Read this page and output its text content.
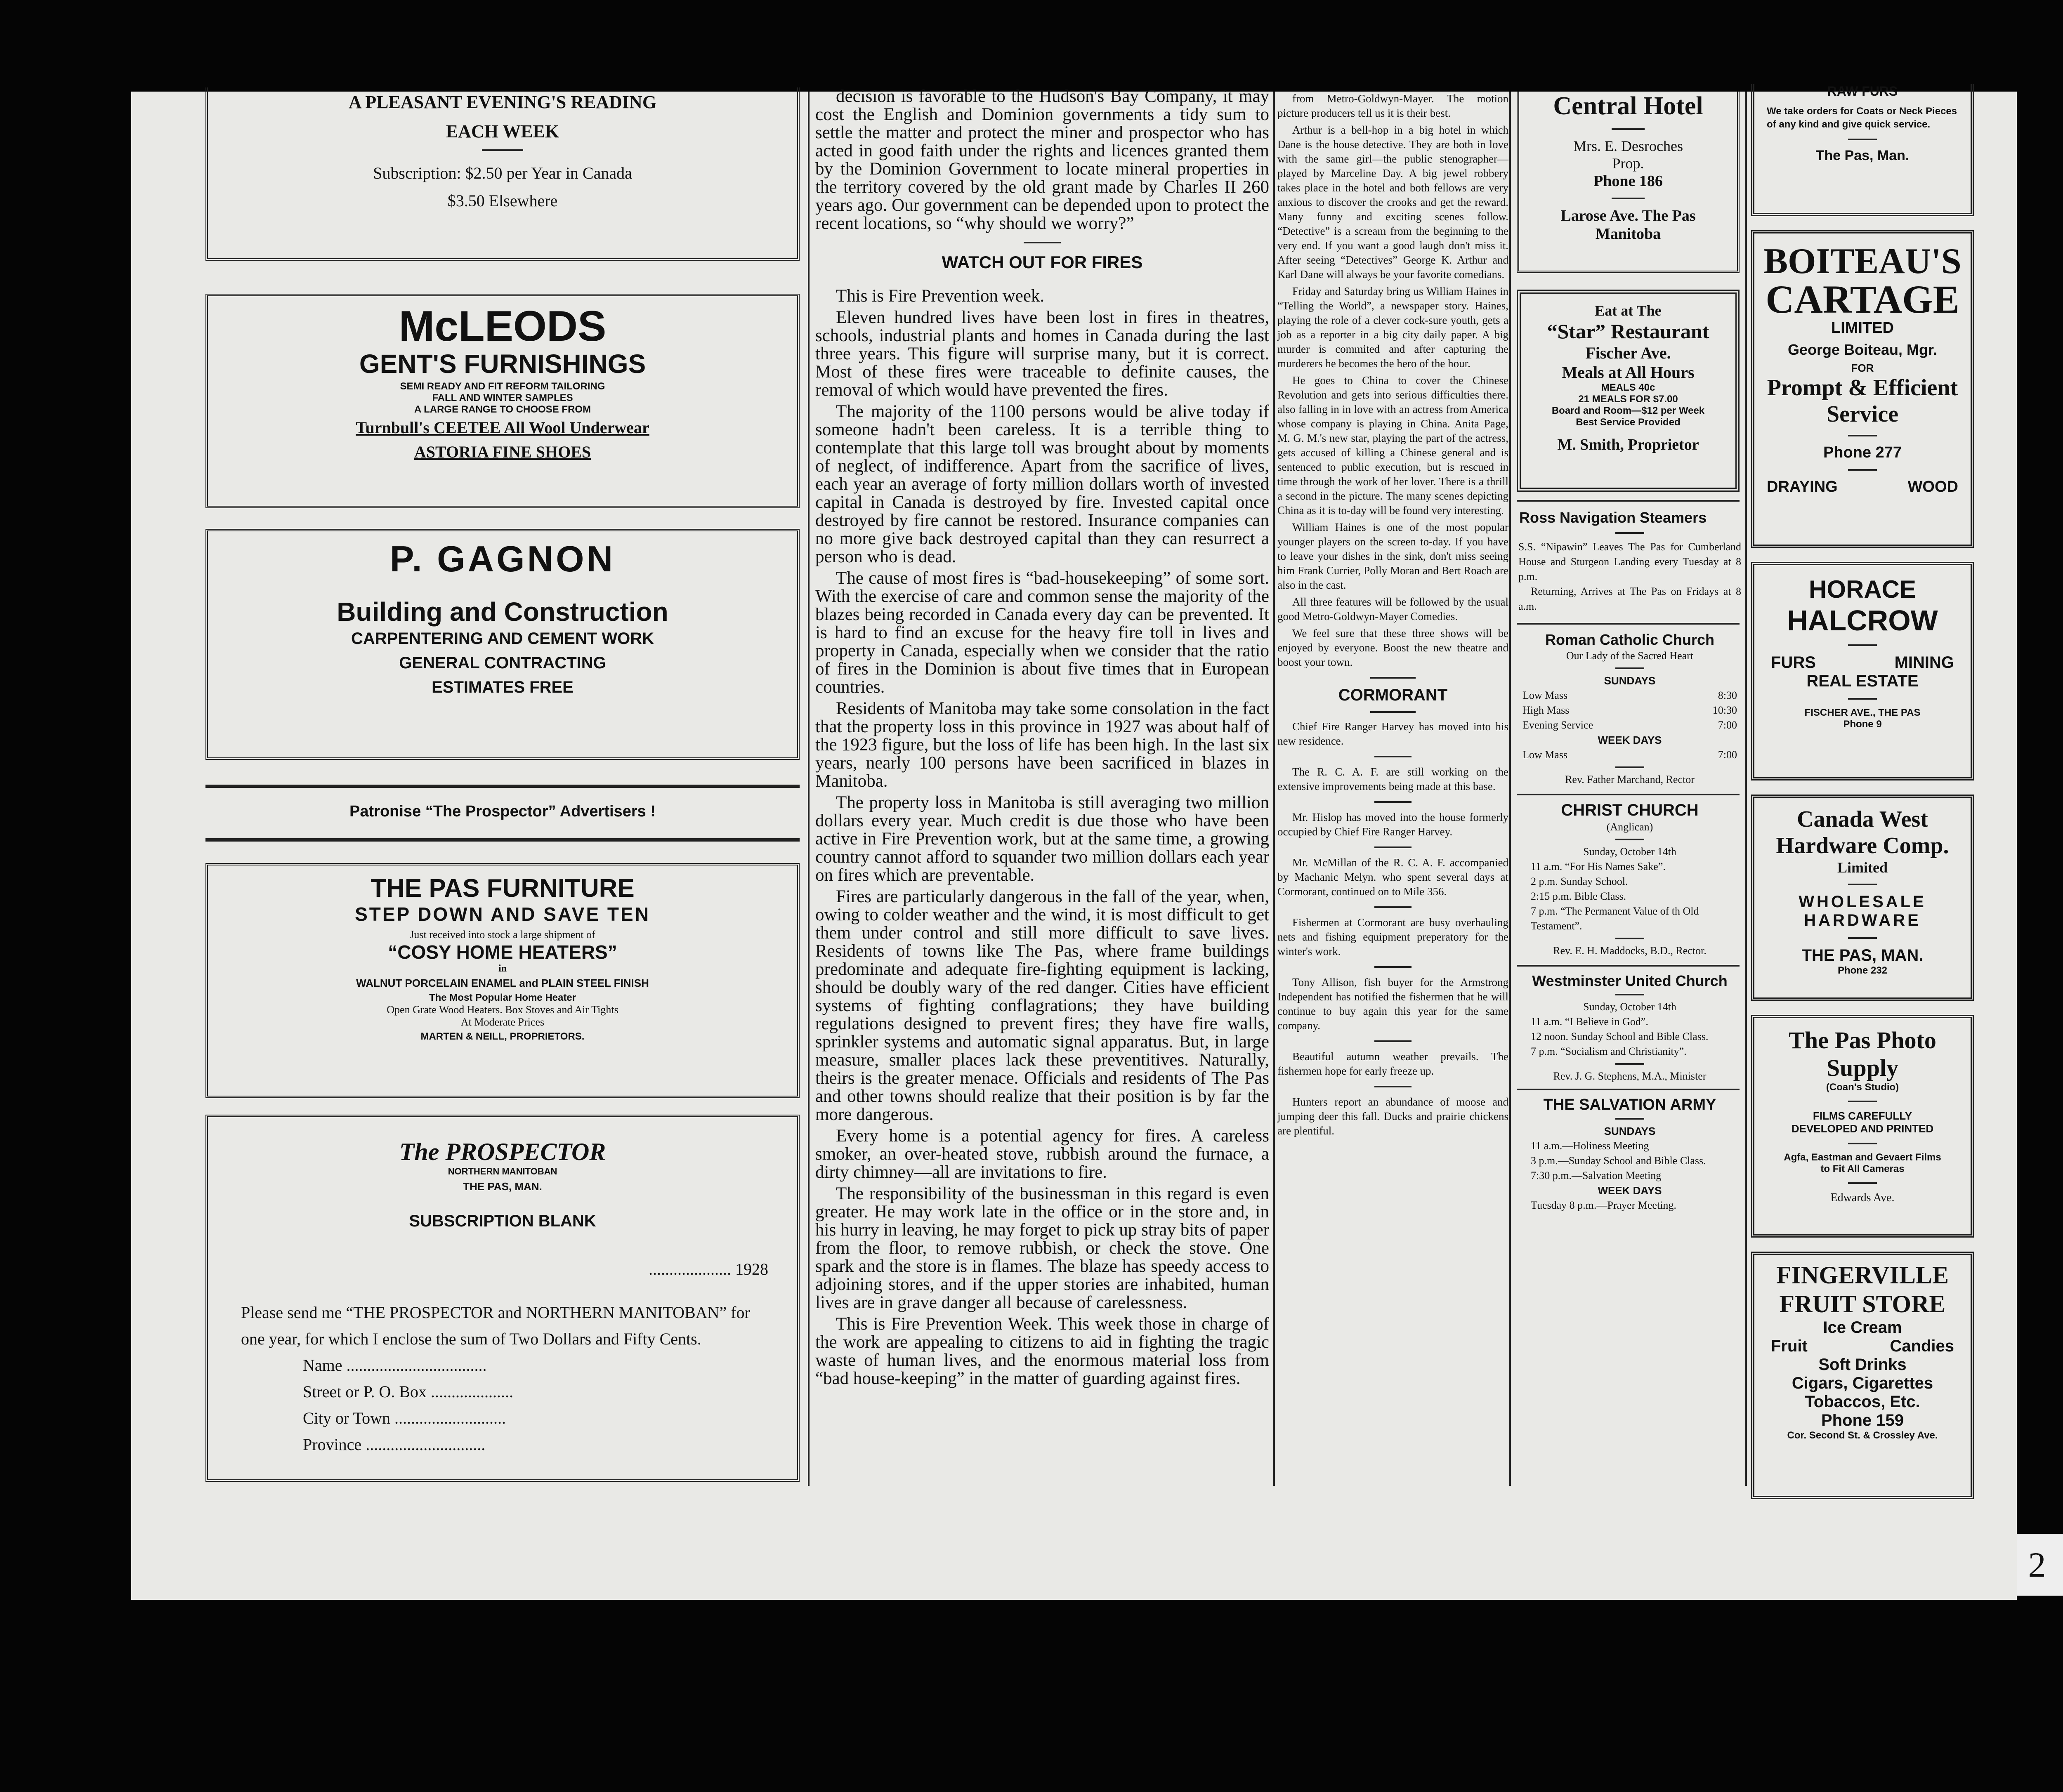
A PLEASANT EVENING'S READING
EACH WEEK
Subscription: $2.50 per Year in Canada
$3.50 Elsewhere
McLEODS
GENT'S FURNISHINGS
SEMI READY AND FIT REFORM TAILORING
FALL AND WINTER SAMPLES
A LARGE RANGE TO CHOOSE FROM
Turnbull's CEETEE All Wool Underwear
ASTORIA FINE SHOES
P. GAGNON
Building and Construction
CARPENTERING AND CEMENT WORK
GENERAL CONTRACTING
ESTIMATES FREE
Patronise “The Prospector” Advertisers !
THE PAS FURNITURE
STEP DOWN AND SAVE TEN
Just received into stock a large shipment of
“COSY HOME HEATERS”
in
WALNUT PORCELAIN ENAMEL and PLAIN STEEL FINISH
The Most Popular Home Heater
Open Grate Wood Heaters. Box Stoves and Air Tights
At Moderate Prices
MARTEN & NEILL, PROPRIETORS.
The PROSPECTOR
NORTHERN MANITOBAN
THE PAS, MAN.
SUBSCRIPTION BLANK
.................... 1928
Please send me “THE PROSPECTOR and NORTHERN MANITOBAN” for one year, for which I enclose the sum of Two Dollars and Fifty Cents.
Name ..................................
Street or P. O. Box ....................
City or Town ...........................
Province .............................

decision is favorable to the Hudson's Bay Company, it may cost the English and Dominion governments a tidy sum to settle the matter and protect the miner and prospector who has acted in good faith under the rights and licences granted them by the Dominion Government to locate mineral properties in the territory covered by the old grant made by Charles II 260 years ago. Our government can be depended upon to protect the recent locations, so “why should we worry?”

WATCH OUT FOR FIRES

This is Fire Prevention week.

Eleven hundred lives have been lost in fires in theatres, schools, industrial plants and homes in Canada during the last three years. This figure will surprise many, but it is correct. Most of these fires were traceable to definite causes, the removal of which would have prevented the fires.

The majority of the 1100 persons would be alive today if someone hadn't been careless. It is a terrible thing to contemplate that this large toll was brought about by moments of neglect, of indifference. Apart from the sacrifice of lives, each year an average of forty million dollars worth of invested capital in Canada is destroyed by fire. Invested capital once destroyed by fire cannot be restored. Insurance companies can no more give back destroyed capital than they can resurrect a person who is dead.

The cause of most fires is “bad-housekeeping” of some sort. With the exercise of care and common sense the majority of the blazes being recorded in Canada every day can be prevented. It is hard to find an excuse for the heavy fire toll in lives and property in Canada, especially when we consider that the ratio of fires in the Dominion is about five times that in European countries.

Residents of Manitoba may take some consolation in the fact that the property loss in this province in 1927 was about half of the 1923 figure, but the loss of life has been high. In the last six years, nearly 100 persons have been sacrificed in blazes in Manitoba.

The property loss in Manitoba is still averaging two million dollars every year. Much credit is due those who have been active in Fire Prevention work, but at the same time, a growing country cannot afford to squander two million dollars each year on fires which are preventable.

Fires are particularly dangerous in the fall of the year, when, owing to colder weather and the wind, it is most difficult to get them under control and still more difficult to save lives. Residents of towns like The Pas, where frame buildings predominate and adequate fire-fighting equipment is lacking, should be doubly wary of the red danger. Cities have efficient systems of fighting conflagrations; they have building regulations designed to prevent fires; they have fire walls, sprinkler systems and automatic signal apparatus. But, in large measure, smaller places lack these preventitives. Naturally, theirs is the greater menace. Officials and residents of The Pas and other towns should realize that their position is by far the more dangerous.

Every home is a potential agency for fires. A careless smoker, an over-heated stove, rubbish around the furnace, a dirty chimney—all are invitations to fire.

The responsibility of the businessman in this regard is even greater. He may work late in the office or in the store and, in his hurry in leaving, he may forget to pick up stray bits of paper from the floor, to remove rubbish, or check the stove. One spark and the store is in flames. The blaze has speedy access to adjoining stores, and if the upper stories are inhabited, human lives are in grave danger all because of carelessness.

This is Fire Prevention Week. This week those in charge of the work are appealing to citizens to aid in fighting the tragic waste of human lives, and the enormous material loss from “bad house-keeping” in the matter of guarding against fires.

from Metro-Goldwyn-Mayer. The motion picture producers tell us it is their best.

Arthur is a bell-hop in a big hotel in which Dane is the house detective. They are both in love with the same girl—the public stenographer—played by Marceline Day. A big jewel robbery takes place in the hotel and both fellows are very anxious to discover the crooks and get the reward. Many funny and exciting scenes follow. “Detective” is a scream from the beginning to the very end. If you want a good laugh don't miss it. After seeing “Detectives” George K. Arthur and Karl Dane will always be your favorite comedians.

Friday and Saturday bring us William Haines in “Telling the World”, a newspaper story. Haines, playing the role of a clever cock-sure youth, gets a job as a reporter in a big city daily paper. A big murder is commited and after capturing the murderers he becomes the hero of the hour.

He goes to China to cover the Chinese Revolution and gets into serious difficulties there. also falling in in love with an actress from America whose company is playing in China. Anita Page, M. G. M.'s new star, playing the part of the actress, gets accused of killing a Chinese general and is sentenced to public execution, but is rescued in time through the work of her lover. There is a thrill a second in the picture. The many scenes depicting China as it is to-day will be found very interesting.

William Haines is one of the most popular younger players on the screen to-day. If you have to leave your dishes in the sink, don't miss seeing him Frank Currier, Polly Moran and Bert Roach are also in the cast.

All three features will be followed by the usual good Metro-Goldwyn-Mayer Comedies.

We feel sure that these three shows will be enjoyed by everyone. Boost the new theatre and boost your town.

CORMORANT

Chief Fire Ranger Harvey has moved into his new residence.

The R. C. A. F. are still working on the extensive improvements being made at this base.

Mr. Hislop has moved into the house formerly occupied by Chief Fire Ranger Harvey.

Mr. McMillan of the R. C. A. F. accompanied by Machanic Melyn. who spent several days at Cormorant, continued on to Mile 356.

Fishermen at Cormorant are busy overhauling nets and fishing equipment preperatory for the winter's work.

Tony Allison, fish buyer for the Armstrong Independent has notified the fishermen that he will continue to buy again this year for the same company.

Beautiful autumn weather prevails. The fishermen hope for early freeze up.

Hunters report an abundance of moose and jumping deer this fall. Ducks and prairie chickens are plentiful.

Central Hotel
Mrs. E. Desroches
Prop.
Phone 186
Larose Ave. The Pas
Manitoba
Eat at The
“Star” Restaurant
Fischer Ave.
Meals at All Hours
MEALS 40c
21 MEALS FOR $7.00
Board and Room—$12 per Week
Best Service Provided
M. Smith, Proprietor
Ross Navigation Steamers
S.S. “Nipawin” Leaves The Pas for Cumberland House and Sturgeon Landing every Tuesday at 8 p.m.
Returning, Arrives at The Pas on Fridays at 8 a.m.
Roman Catholic Church
Our Lady of the Sacred Heart
SUNDAYS
Low Mass	8:30
High Mass	10:30
Evening Service	7:00
WEEK DAYS
Low Mass	7:00
Rev. Father Marchand, Rector
CHRIST CHURCH
(Anglican)
Sunday, October 14th
11 a.m. “For His Names Sake”.
2 p.m. Sunday School.
2:15 p.m. Bible Class.
7 p.m. “The Permanent Value of th Old Testament”.
Rev. E. H. Maddocks, B.D., Rector.
Westminster United Church
Sunday, October 14th
11 a.m. “I Believe in God”.
12 noon. Sunday School and Bible Class.
7 p.m. “Socialism and Christianity”.
Rev. J. G. Stephens, M.A., Minister
THE SALVATION ARMY
SUNDAYS
11 a.m.—Holiness Meeting
3 p.m.—Sunday School and Bible Class.
7:30 p.m.—Salvation Meeting
WEEK DAYS
Tuesday 8 p.m.—Prayer Meeting.
RAW FURS
We take orders for Coats or Neck Pieces of any kind and give quick service.
The Pas, Man.
BOITEAU'S
CARTAGE
LIMITED
George Boiteau, Mgr.
FOR
Prompt & Efficient
Service
Phone 277
DRAYING	WOOD
HORACE
HALCROW
FURS	MINING
REAL ESTATE
FISCHER AVE., THE PAS
Phone 9
Canada West
Hardware Comp.
Limited
WHOLESALE
HARDWARE
THE PAS, MAN.
Phone 232
The Pas Photo
Supply
(Coan's Studio)
FILMS CAREFULLY
DEVELOPED AND PRINTED
Agfa, Eastman and Gevaert Films
to Fit All Cameras
Edwards Ave.
FINGERVILLE
FRUIT STORE
Ice Cream
Fruit	Candies
Soft Drinks
Cigars, Cigarettes
Tobaccos, Etc.
Phone 159
Cor. Second St. & Crossley Ave.
2
